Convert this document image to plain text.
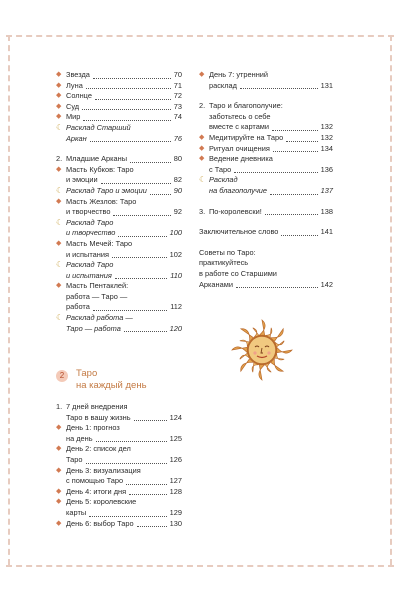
◆ Звезда	70
◆ Луна	71
◆ Солнце	72
◆ Суд	73
◆ Мир	74
☾ Расклад Старший
Аркан	76
2. Младшие Арканы	80
◆ Масть Кубков: Таро
и эмоции	82
☾ Расклад Таро и эмоции	90
◆ Масть Жезлов: Таро
и творчество	92
☾ Расклад Таро
и творчество	100
◆ Масть Мечей: Таро
и испытания	102
☾ Расклад Таро
и испытания	110
◆ Масть Пентаклей:
работа — Таро —
работа	112
☾ Расклад работа —
Таро — работа	120
2	Таро
на каждый день
1. 7 дней внедрения
Таро в вашу жизнь	124
◆ День 1: прогноз
на день	125
◆ День 2: список дел
Таро	126
◆ День 3: визуализация
с помощью Таро	127
◆ День 4: итоги дня	128
◆ День 5: королевские
карты	129
◆ День 6: выбор Таро	130
◆ День 7: утренний
расклад	131
2. Таро и благополучие:
заботьтесь о себе
вместе с картами	132
◆ Медитируйте на Таро	132
◆ Ритуал очищения	134
◆ Ведение дневника
с Таро	136
☾ Расклад
на благополучие	137
3. По-королевски!	138
Заключительное слово	141
Советы по Таро:
практикуйтесь
в работе со Старшими
Арканами	142
